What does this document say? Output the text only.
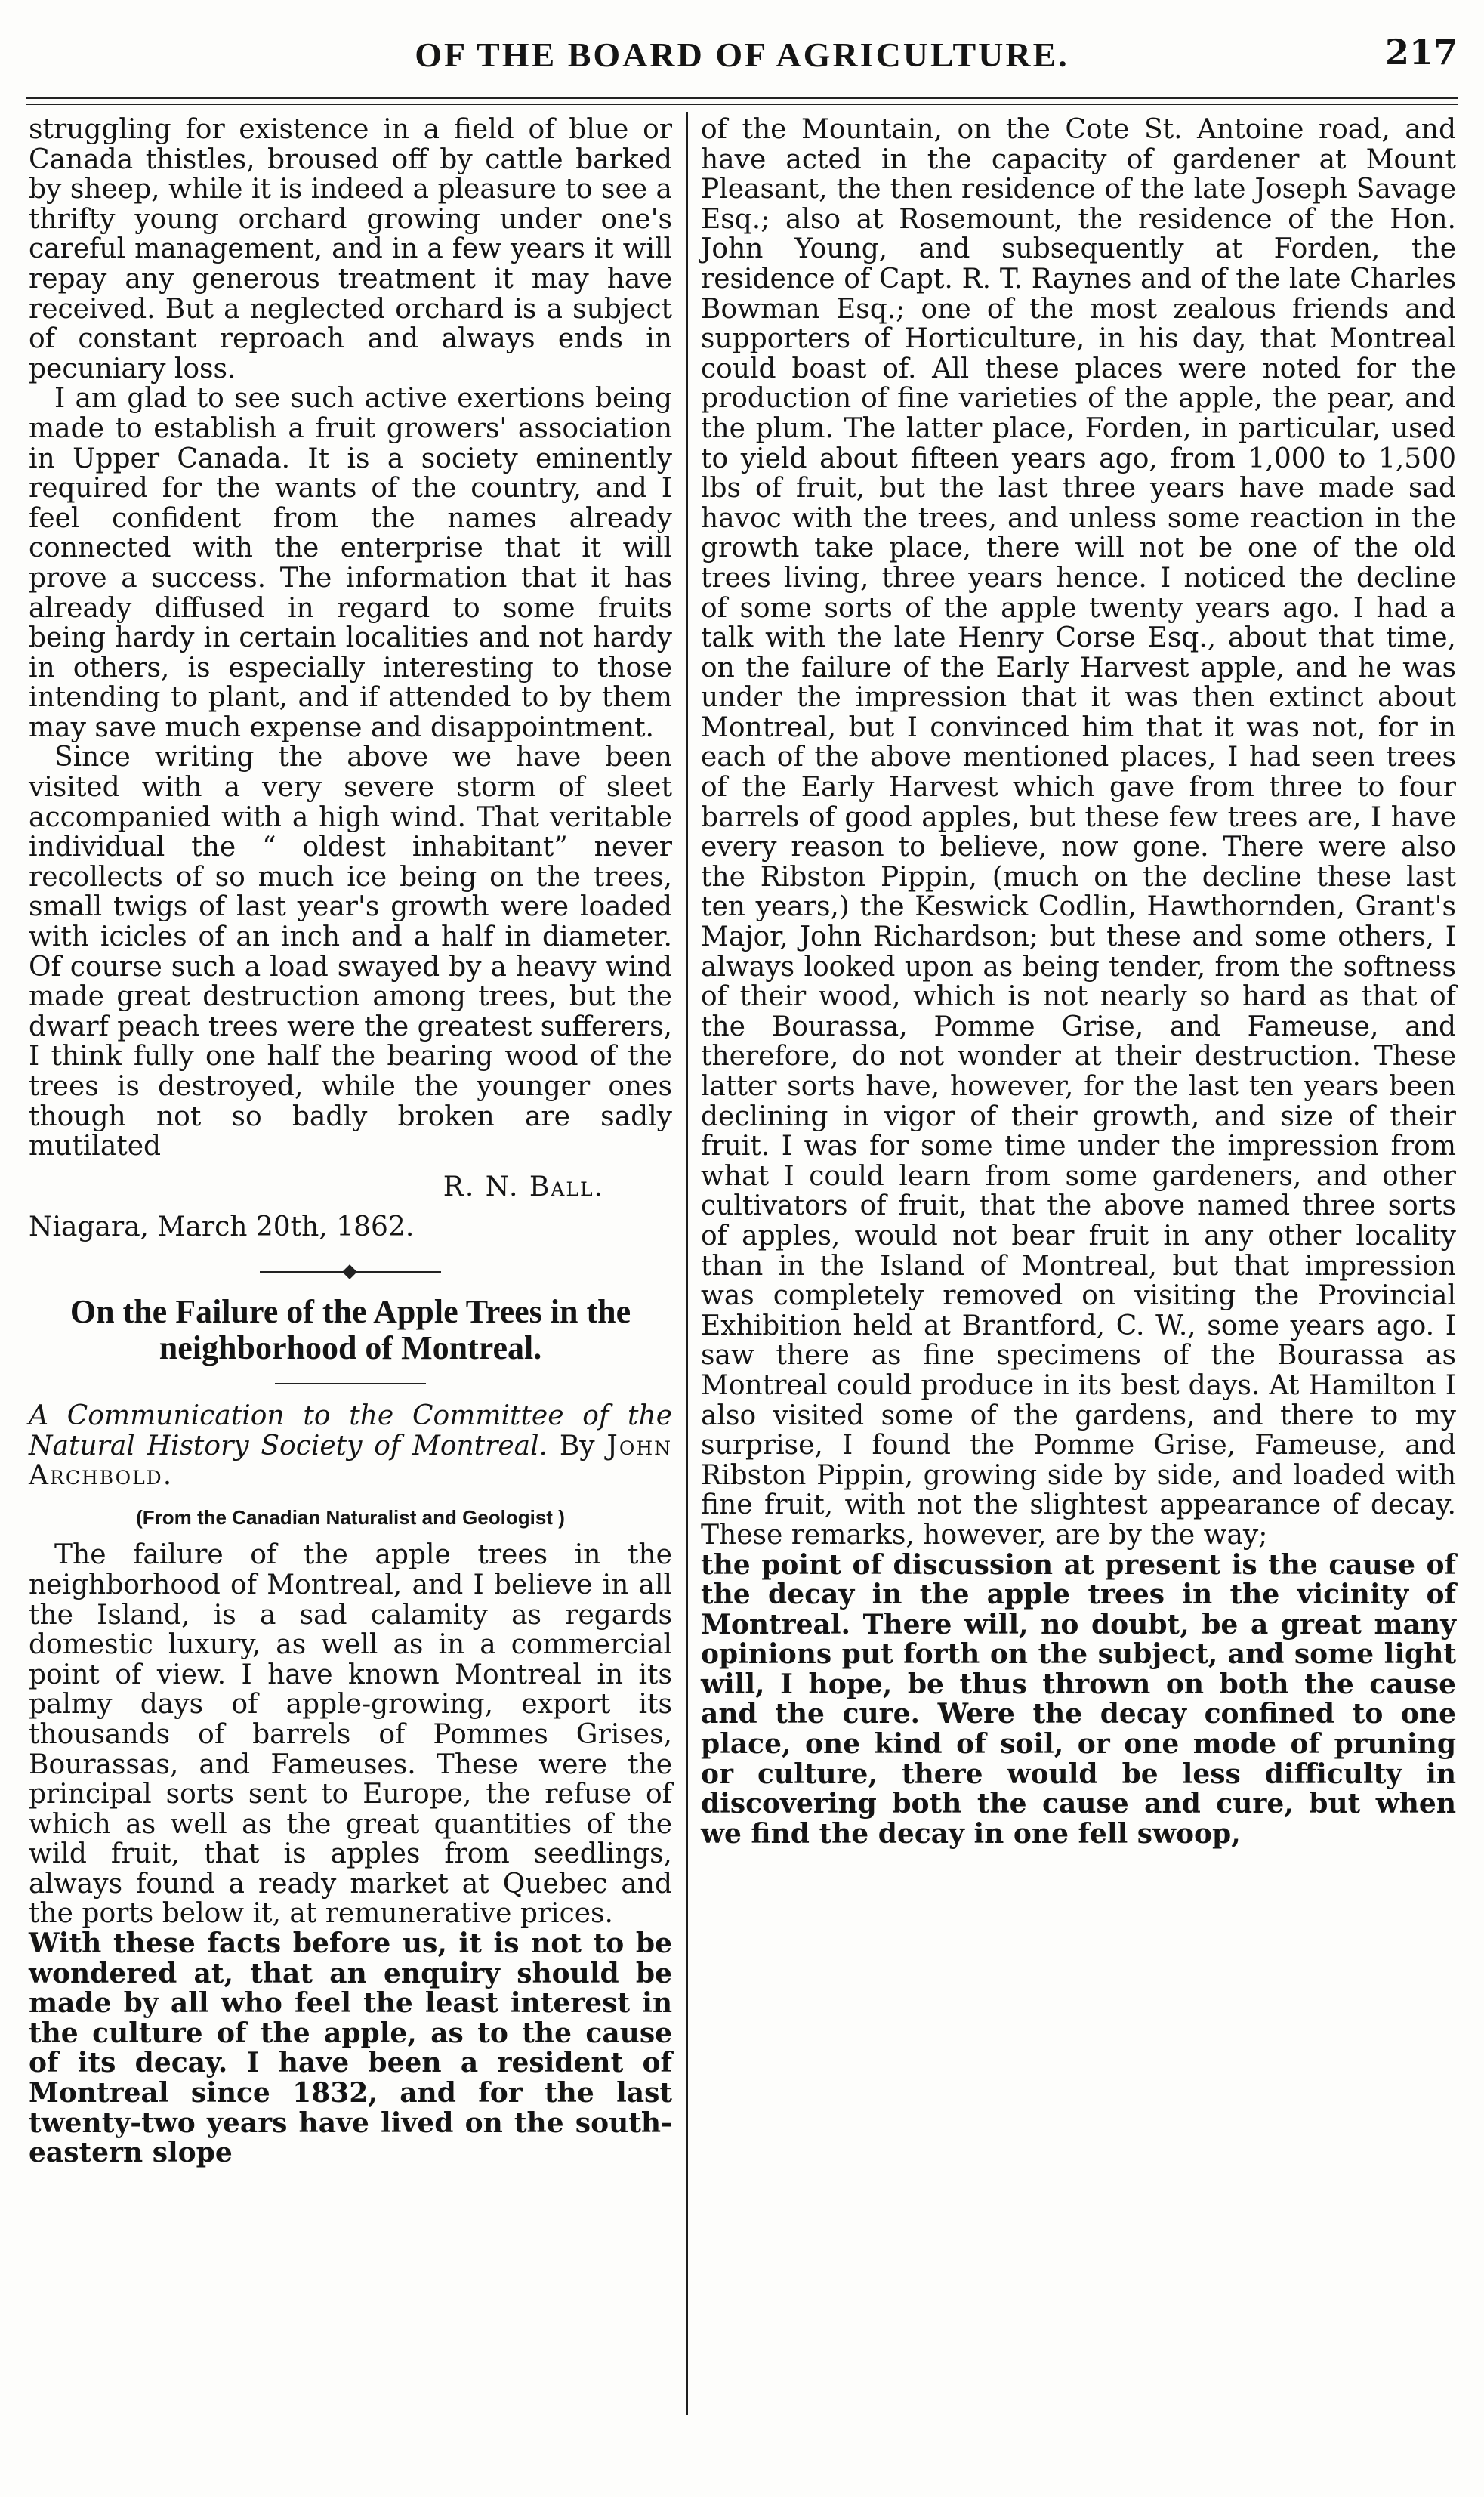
OF THE BOARD OF AGRICULTURE.	217

struggling for existence in a field of blue or Canada thistles, broused off by cattle barked by sheep, while it is indeed a pleasure to see a thrifty young orchard growing under one's careful management, and in a few years it will repay any generous treatment it may have received. But a neglected orchard is a subject of constant reproach and always ends in pecuniary loss.

I am glad to see such active exertions being made to establish a fruit growers' association in Upper Canada. It is a society eminently required for the wants of the country, and I feel confident from the names already connected with the enterprise that it will prove a success. The information that it has already diffused in regard to some fruits being hardy in certain localities and not hardy in others, is especially interesting to those intending to plant, and if attended to by them may save much expense and disappointment.

Since writing the above we have been visited with a very severe storm of sleet accompanied with a high wind. That veritable individual the “ oldest inhabitant” never recollects of so much ice being on the trees, small twigs of last year's growth were loaded with icicles of an inch and a half in diameter. Of course such a load swayed by a heavy wind made great destruction among trees, but the dwarf peach trees were the greatest sufferers, I think fully one half the bearing wood of the trees is destroyed, while the younger ones though not so badly broken are sadly mutilated

R. N. Ball.

Niagara, March 20th, 1862.

On the Failure of the Apple Trees in the neighborhood of Montreal.

A Communication to the Committee of the Natural History Society of Montreal. By John Archbold.

(From the Canadian Naturalist and Geologist )

The failure of the apple trees in the neighborhood of Montreal, and I believe in all the Island, is a sad calamity as regards domestic luxury, as well as in a commercial point of view. I have known Montreal in its palmy days of apple-growing, export its thousands of barrels of Pommes Grises, Bourassas, and Fameuses. These were the principal sorts sent to Europe, the refuse of which as well as the great quantities of the wild fruit, that is apples from seedlings, always found a ready market at Quebec and the ports below it, at remunerative prices.

With these facts before us, it is not to be wondered at, that an enquiry should be made by all who feel the least interest in the culture of the apple, as to the cause of its decay. I have been a resident of Montreal since 1832, and for the last twenty-two years have lived on the south-eastern slope

of the Mountain, on the Cote St. Antoine road, and have acted in the capacity of gardener at Mount Pleasant, the then residence of the late Joseph Savage Esq.; also at Rosemount, the residence of the Hon. John Young, and subsequently at Forden, the residence of Capt. R. T. Raynes and of the late Charles Bowman Esq.; one of the most zealous friends and supporters of Horticulture, in his day, that Montreal could boast of. All these places were noted for the production of fine varieties of the apple, the pear, and the plum. The latter place, Forden, in particular, used to yield about fifteen years ago, from 1,000 to 1,500 lbs of fruit, but the last three years have made sad havoc with the trees, and unless some reaction in the growth take place, there will not be one of the old trees living, three years hence. I noticed the decline of some sorts of the apple twenty years ago. I had a talk with the late Henry Corse Esq., about that time, on the failure of the Early Harvest apple, and he was under the impression that it was then extinct about Montreal, but I convinced him that it was not, for in each of the above mentioned places, I had seen trees of the Early Harvest which gave from three to four barrels of good apples, but these few trees are, I have every reason to believe, now gone. There were also the Ribston Pippin, (much on the decline these last ten years,) the Keswick Codlin, Hawthornden, Grant's Major, John Richardson; but these and some others, I always looked upon as being tender, from the softness of their wood, which is not nearly so hard as that of the Bourassa, Pomme Grise, and Fameuse, and therefore, do not wonder at their destruction. These latter sorts have, however, for the last ten years been declining in vigor of their growth, and size of their fruit. I was for some time under the impression from what I could learn from some gardeners, and other cultivators of fruit, that the above named three sorts of apples, would not bear fruit in any other locality than in the Island of Montreal, but that impression was completely removed on visiting the Provincial Exhibition held at Brantford, C. W., some years ago. I saw there as fine specimens of the Bourassa as Montreal could produce in its best days. At Hamilton I also visited some of the gardens, and there to my surprise, I found the Pomme Grise, Fameuse, and Ribston Pippin, growing side by side, and loaded with fine fruit, with not the slightest appearance of decay. These remarks, however, are by the way;

the point of discussion at present is the cause of the decay in the apple trees in the vicinity of Montreal. There will, no doubt, be a great many opinions put forth on the subject, and some light will, I hope, be thus thrown on both the cause and the cure. Were the decay confined to one place, one kind of soil, or one mode of pruning or culture, there would be less difficulty in discovering both the cause and cure, but when we find the decay in one fell swoop,
